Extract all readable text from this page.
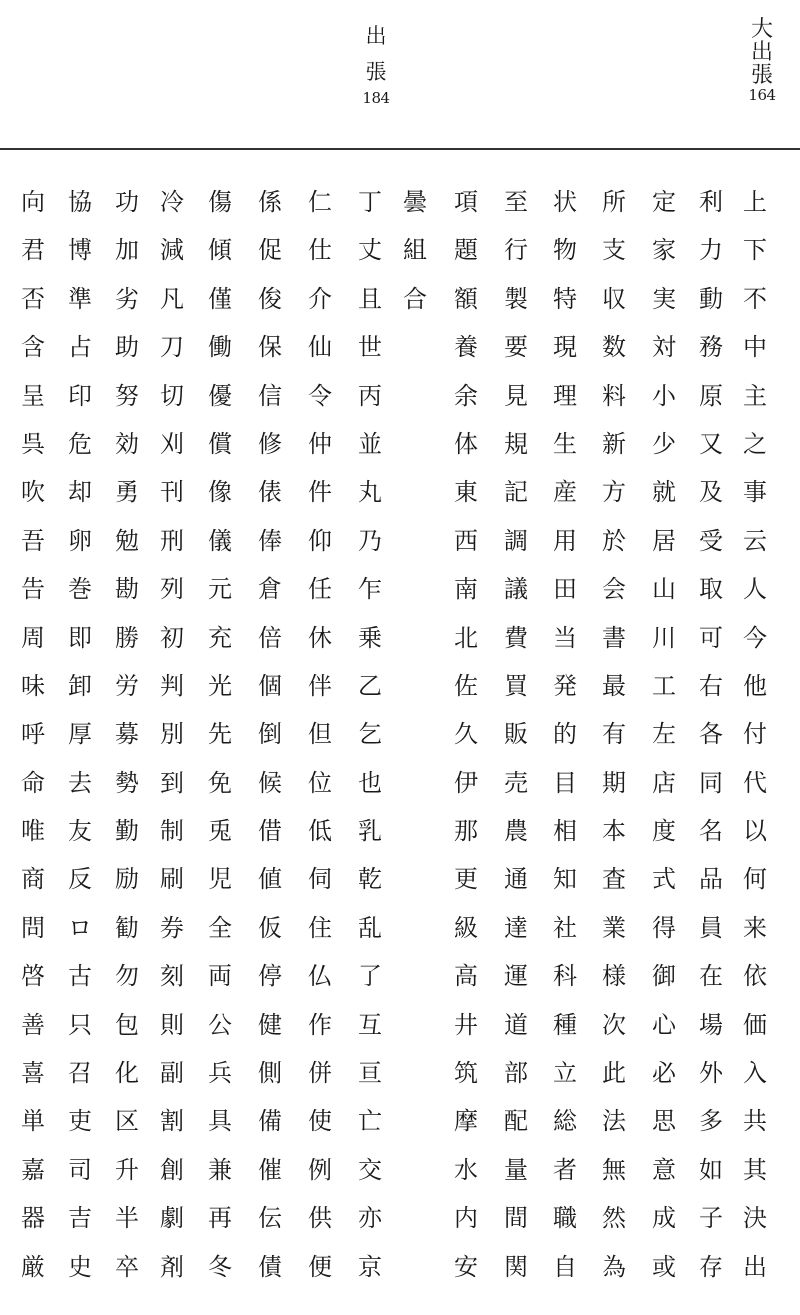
大
出
張
164
出
張
184
上
下
不
中
主
之
事
云
人
今
他
付
代
以
何
来
依
価
入
共
其
決
出
利
力
動
務
原
又
及
受
取
可
右
各
同
名
品
員
在
場
外
多
如
子
存
定
家
実
対
小
少
就
居
山
川
工
左
店
度
式
得
御
心
必
思
意
成
或
所
支
収
数
料
新
方
於
会
書
最
有
期
本
査
業
様
次
此
法
無
然
為
状
物
特
現
理
生
産
用
田
当
発
的
目
相
知
社
科
種
立
総
者
職
自
至
行
製
要
見
規
記
調
議
費
買
販
売
農
通
達
運
道
部
配
量
間
関
項
題
額
養
余
体
東
西
南
北
佐
久
伊
那
更
級
高
井
筑
摩
水
内
安
曇
組
合
丁
丈
且
世
丙
並
丸
乃
乍
乗
乙
乞
也
乳
乾
乱
了
互
亘
亡
交
亦
京
仁
仕
介
仙
令
仲
件
仰
任
休
伴
但
位
低
伺
住
仏
作
併
使
例
供
便
係
促
俊
保
信
修
俵
俸
倉
倍
個
倒
候
借
値
仮
停
健
側
備
催
伝
債
傷
傾
僅
働
優
償
像
儀
元
充
光
先
免
兎
児
全
両
公
兵
具
兼
再
冬
冷
減
凡
刀
切
刈
刊
刑
列
初
判
別
到
制
刷
券
刻
則
副
割
創
劇
剤
功
加
劣
助
努
効
勇
勉
勘
勝
労
募
勢
勤
励
勧
勿
包
化
区
升
半
卒
協
博
準
占
印
危
却
卵
巻
即
卸
厚
去
友
反
ロ
古
只
召
吏
司
吉
史
向
君
否
含
呈
呉
吹
吾
告
周
味
呼
命
唯
商
問
啓
善
喜
単
嘉
器
厳
